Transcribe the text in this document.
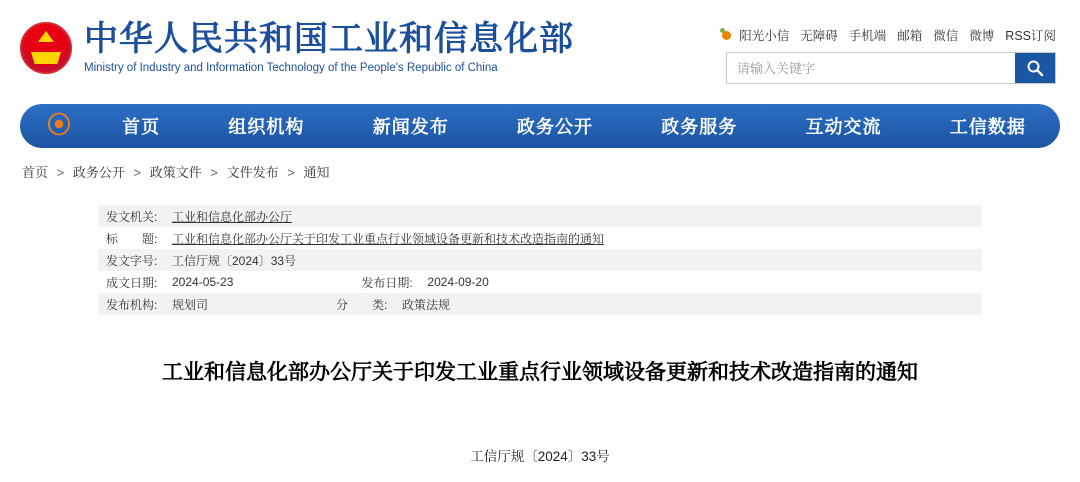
中华人民共和国工业和信息化部
Ministry of Industry and Information Technology of the People's Republic of China
阳光小信 无障碍 手机端 邮箱 微信 微博 RSS订阅
请输入关键字
⦿	首页	组织机构	新闻发布	政务公开	政务服务	互动交流	工信数据
首页 > 政务公开 > 政策文件 > 文件发布 > 通知
发文机关:	工业和信息化部办公厅
标　　题:	工业和信息化部办公厅关于印发工业重点行业领域设备更新和技术改造指南的通知
发文字号:	工信厅规〔2024〕33号
成文日期:	2024-05-23	发布日期:	2024-09-20
发布机构:	规划司	分　　类:	政策法规
工业和信息化部办公厅关于印发工业重点行业领域设备更新和技术改造指南的通知
工信厅规〔2024〕33号
